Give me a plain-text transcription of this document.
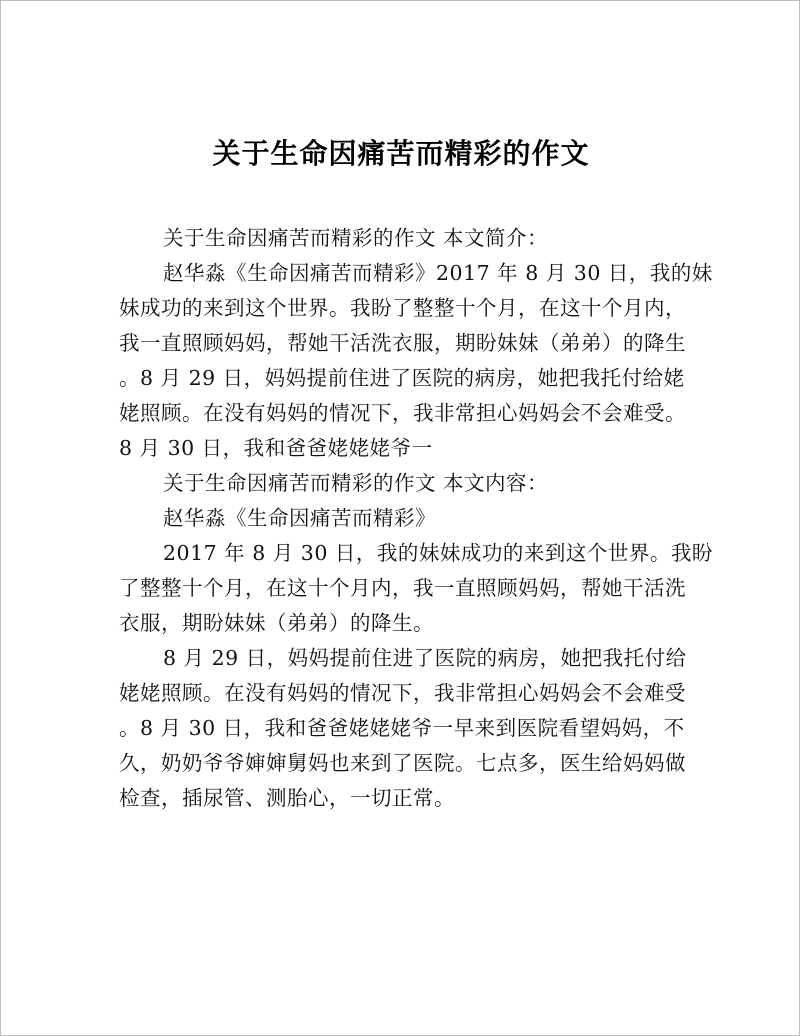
关于生命因痛苦而精彩的作文
关于生命因痛苦而精彩的作文 本文简介：
赵华淼《生命因痛苦而精彩》2017 年 8 月 30 日，我的妹
妹成功的来到这个世界。我盼了整整十个月，在这十个月内，
我一直照顾妈妈，帮她干活洗衣服，期盼妹妹（弟弟）的降生
。8 月 29 日，妈妈提前住进了医院的病房，她把我托付给姥
姥照顾。在没有妈妈的情况下，我非常担心妈妈会不会难受。
8 月 30 日，我和爸爸姥姥姥爷一
关于生命因痛苦而精彩的作文 本文内容：
赵华淼《生命因痛苦而精彩》
2017 年 8 月 30 日，我的妹妹成功的来到这个世界。我盼
了整整十个月，在这十个月内，我一直照顾妈妈，帮她干活洗
衣服，期盼妹妹（弟弟）的降生。
8 月 29 日，妈妈提前住进了医院的病房，她把我托付给
姥姥照顾。在没有妈妈的情况下，我非常担心妈妈会不会难受
。8 月 30 日，我和爸爸姥姥姥爷一早来到医院看望妈妈，不
久，奶奶爷爷婶婶舅妈也来到了医院。七点多，医生给妈妈做
检查，插尿管、测胎心，一切正常。
